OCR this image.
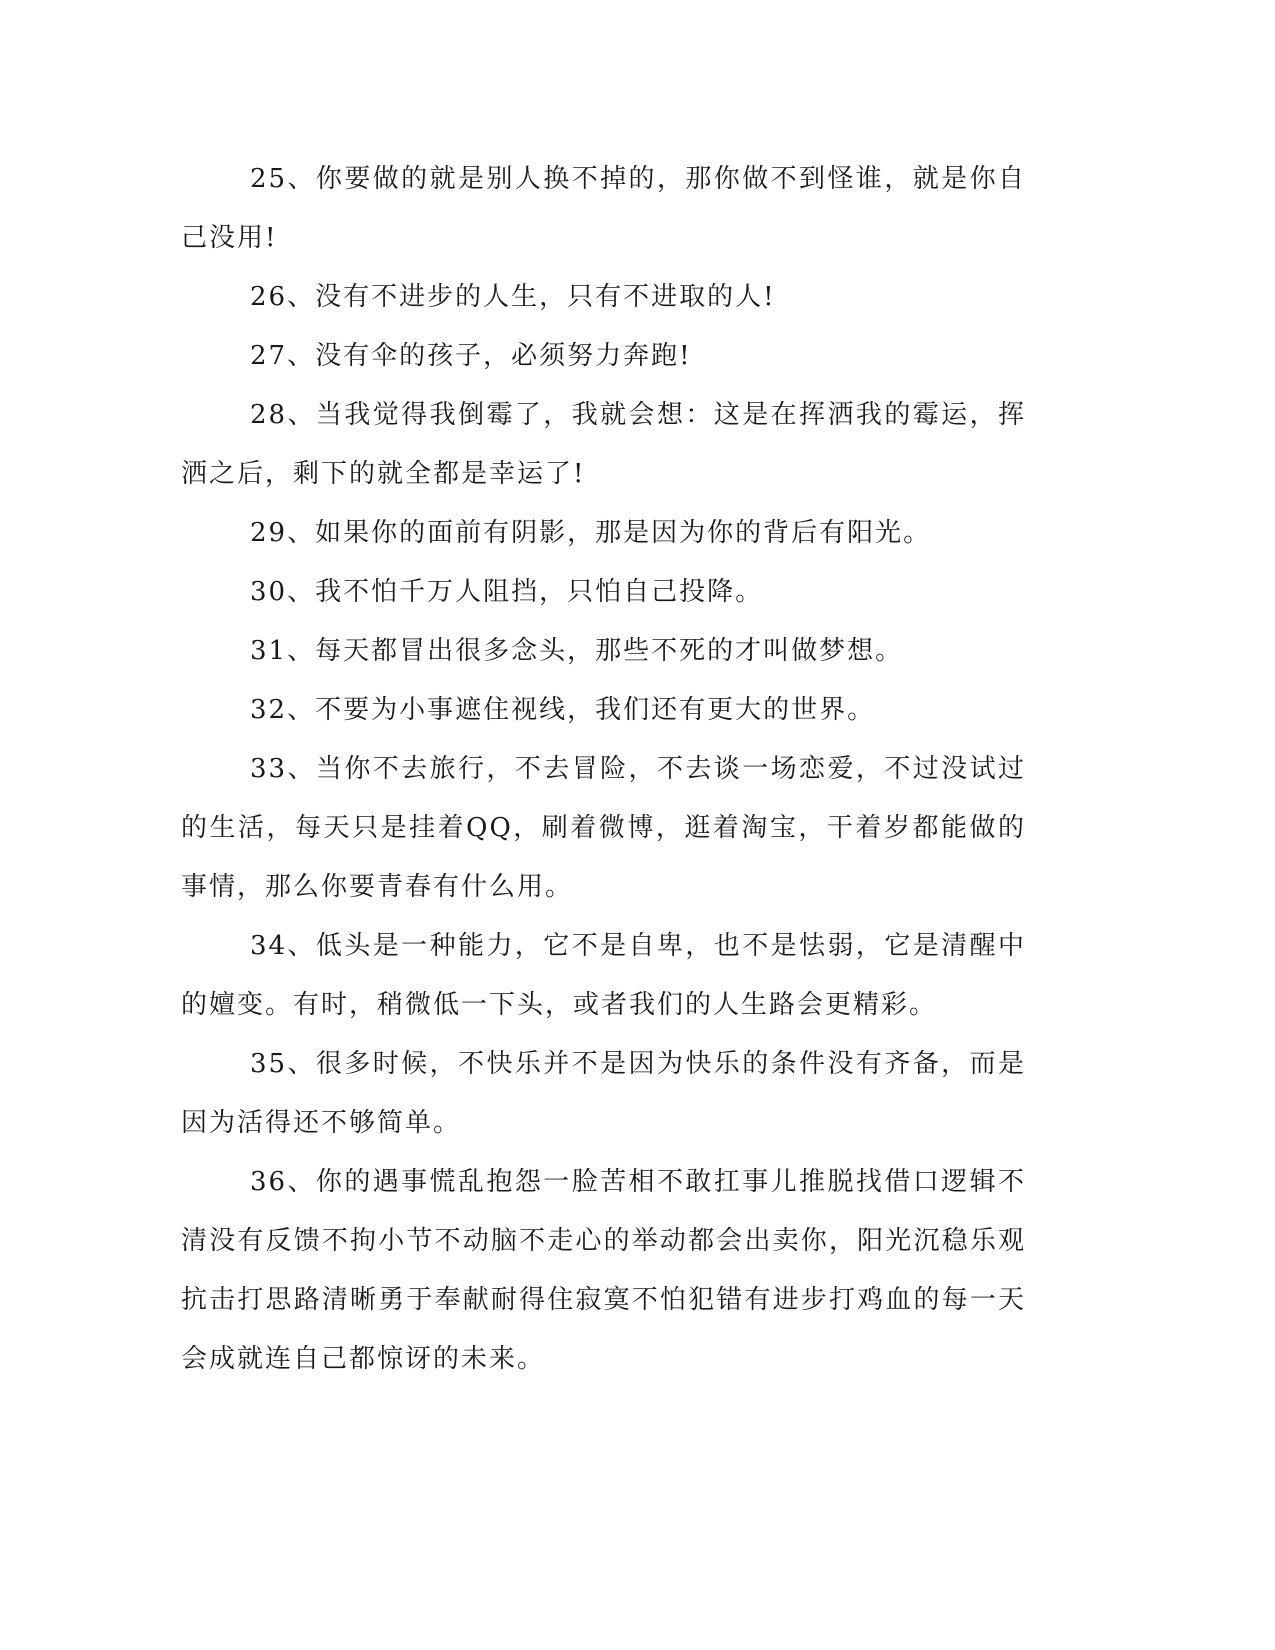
25、你要做的就是别人换不掉的，那你做不到怪谁，就是你自己没用!

26、没有不进步的人生，只有不进取的人!

27、没有伞的孩子，必须努力奔跑!

28、当我觉得我倒霉了，我就会想：这是在挥洒我的霉运，挥洒之后，剩下的就全都是幸运了!

29、如果你的面前有阴影，那是因为你的背后有阳光。

30、我不怕千万人阻挡，只怕自己投降。

31、每天都冒出很多念头，那些不死的才叫做梦想。

32、不要为小事遮住视线，我们还有更大的世界。

33、当你不去旅行，不去冒险，不去谈一场恋爱，不过没试过的生活，每天只是挂着QQ，刷着微博，逛着淘宝，干着岁都能做的事情，那么你要青春有什么用。

34、低头是一种能力，它不是自卑，也不是怯弱，它是清醒中的嬗变。有时，稍微低一下头，或者我们的人生路会更精彩。

35、很多时候，不快乐并不是因为快乐的条件没有齐备，而是因为活得还不够简单。

36、你的遇事慌乱抱怨一脸苦相不敢扛事儿推脱找借口逻辑不清没有反馈不拘小节不动脑不走心的举动都会出卖你，阳光沉稳乐观抗击打思路清晰勇于奉献耐得住寂寞不怕犯错有进步打鸡血的每一天会成就连自己都惊讶的未来。
